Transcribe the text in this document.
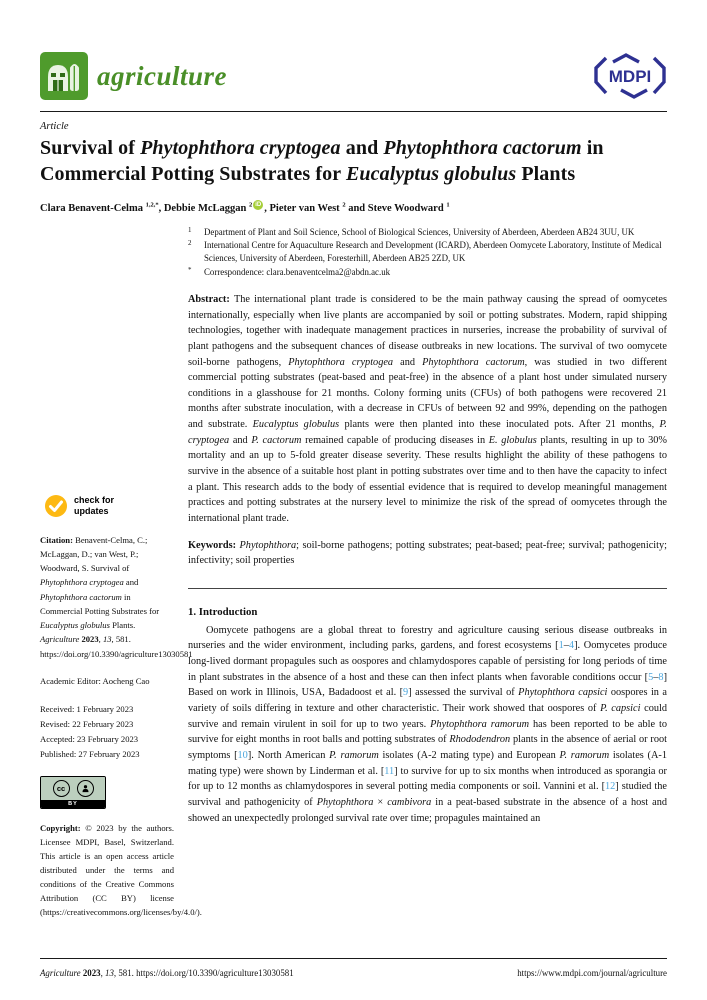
agriculture	MDPI
Article
Survival of Phytophthora cryptogea and Phytophthora cactorum in Commercial Potting Substrates for Eucalyptus globulus Plants
Clara Benavent-Celma $^{1,2,*}$, Debbie McLaggan $^2$ iD , Pieter van West $^2$ and Steve Woodward $^1$
check for
updates

Citation: Benavent-Celma, C.; McLaggan, D.; van West, P.; Woodward, S. Survival of Phytophthora cryptogea and Phytophthora cactorum in Commercial Potting Substrates for Eucalyptus globulus Plants. Agriculture 2023, 13, 581. https://doi.org/10.3390/agriculture13030581

Academic Editor: Aocheng Cao

Received: 1 February 2023
Revised: 22 February 2023
Accepted: 23 February 2023
Published: 27 February 2023
cc
BY

Copyright: © 2023 by the authors. Licensee MDPI, Basel, Switzerland. This article is an open access article distributed under the terms and conditions of the Creative Commons Attribution (CC BY) license (https://creativecommons.org/licenses/by/4.0/).

1	Department of Plant and Soil Science, School of Biological Sciences, University of Aberdeen, Aberdeen AB24 3UU, UK
2	International Centre for Aquaculture Research and Development (ICARD), Aberdeen Oomycete Laboratory, Institute of Medical Sciences, University of Aberdeen, Foresterhill, Aberdeen AB25 2ZD, UK
*	Correspondence: clara.benaventcelma2@abdn.ac.uk

Abstract: The international plant trade is considered to be the main pathway causing the spread of oomycetes internationally, especially when live plants are accompanied by soil or potting substrates. Modern, rapid shipping technologies, together with inadequate management practices in nurseries, increase the probability of survival of plant pathogens and the subsequent chances of disease outbreaks in new locations. The survival of two oomycete soil-borne pathogens, Phytophthora cryptogea and Phytophthora cactorum, was studied in two different commercial potting substrates (peat-based and peat-free) in the absence of a plant host under simulated nursery conditions in a glasshouse for 21 months. Colony forming units (CFUs) of both pathogens were recovered 21 months after substrate inoculation, with a decrease in CFUs of between 92 and 99%, depending on the pathogen and substrate. Eucalyptus globulus plants were then planted into these inoculated pots. After 21 months, P. cryptogea and P. cactorum remained capable of producing diseases in E. globulus plants, resulting in up to 30% mortality and an up to 5-fold greater disease severity. These results highlight the ability of these pathogens to survive in the absence of a suitable host plant in potting substrates over time and to then have the capacity to infect a plant. This research adds to the body of essential evidence that is required to develop meaningful management practices and potting substrates at the nursery level to minimize the risk of the spread of oomycetes through the international plant trade.

Keywords: Phytophthora; soil-borne pathogens; potting substrates; peat-based; peat-free; survival; pathogenicity; infectivity; soil properties

1. Introduction

Oomycete pathogens are a global threat to forestry and agriculture causing serious disease outbreaks in nurseries and the wider environment, including parks, gardens, and forest ecosystems [1–4]. Oomycetes produce long-lived dormant propagules such as oospores and chlamydospores capable of persisting for long periods of time in plant substrates in the absence of a host and these can then infect plants when favorable conditions occur [5–8] Based on work in Illinois, USA, Badadoost et al. [9] assessed the survival of Phytophthora capsici oospores in a variety of soils differing in texture and other characteristic. Their work showed that oospores of P. capsici could survive and remain virulent in soil for up to two years. Phytophthora ramorum has been reported to be able to survive for eight months in root balls and potting substrates of Rhododendron plants in the absence of aerial or root symptoms [10]. North American P. ramorum isolates (A-2 mating type) and European P. ramorum isolates (A-1 mating type) were shown by Linderman et al. [11] to survive for up to six months when introduced as sporangia or for up to 12 months as chlamydospores in several potting media components or soil. Vannini et al. [12] studied the survival and pathogenicity of Phytophthora × cambivora in a peat-based substrate in the absence of a host and showed an unexpectedly prolonged survival rate over time; propagules maintained an

Agriculture 2023, 13, 581. https://doi.org/10.3390/agriculture13030581	https://www.mdpi.com/journal/agriculture
